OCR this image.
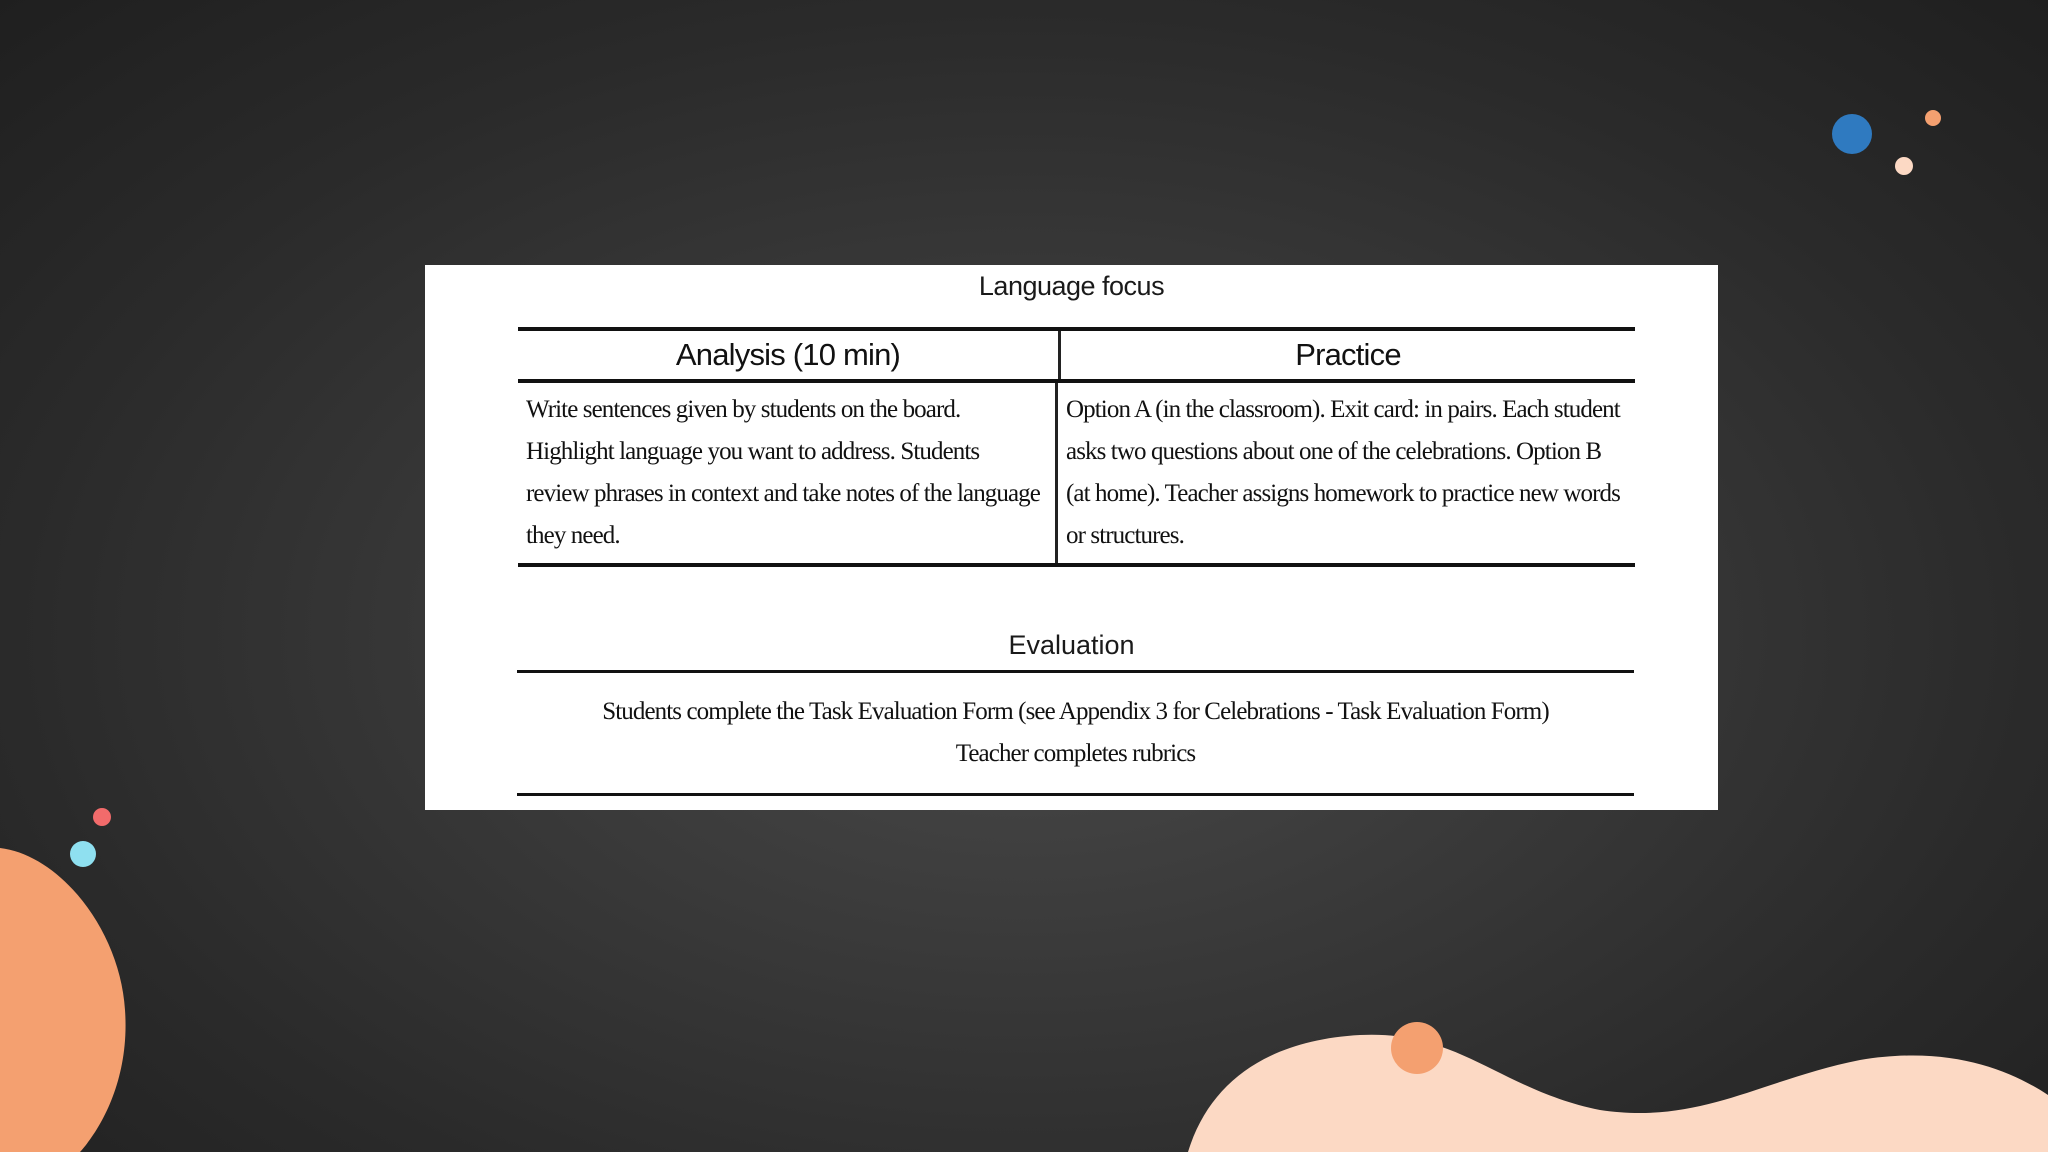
Language focus
Analysis (10 min)	Practice
Write sentences given by students on the board. Highlight language you want to address. Students review phrases in context and take notes of the language they need.
Option A (in the classroom). Exit card: in pairs. Each student asks two questions about one of the celebrations. Option B (at home). Teacher assigns homework to practice new words or structures.
Evaluation
Students complete the Task Evaluation Form (see Appendix 3 for Celebrations - Task Evaluation Form)
Teacher completes rubrics
